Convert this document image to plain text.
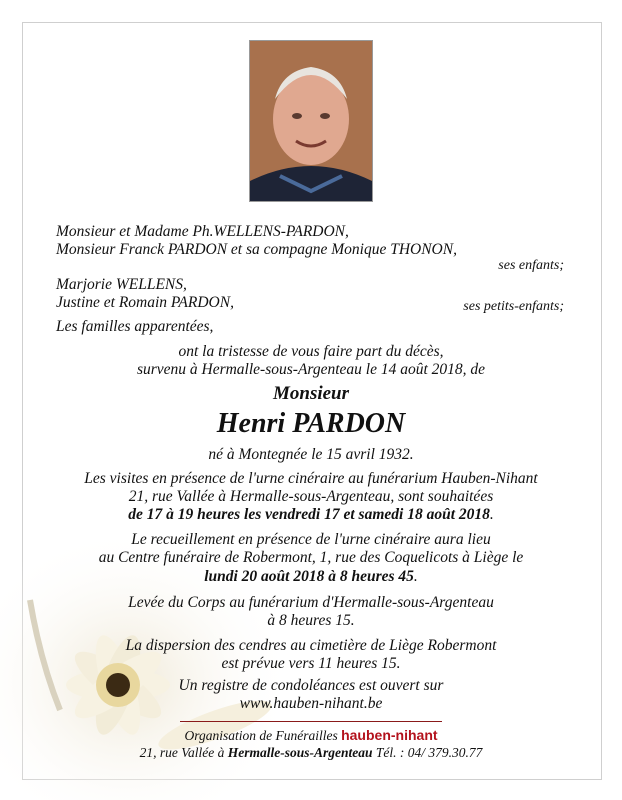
Monsieur et Madame Ph.WELLENS-PARDON,
Monsieur Franck PARDON et sa compagne Monique THONON,
ses enfants;
Marjorie WELLENS,
Justine et Romain PARDON,	ses petits-enfants;
Les familles apparentées,
ont la tristesse de vous faire part du décès,
survenu à Hermalle-sous-Argenteau le 14 août 2018, de
Monsieur
Henri PARDON
né à Montegnée le 15 avril 1932.
Les visites en présence de l'urne cinéraire au funérarium Hauben-Nihant
21, rue Vallée à Hermalle-sous-Argenteau, sont souhaitées
de 17 à 19 heures les vendredi 17 et samedi 18 août 2018.
Le recueillement en présence de l'urne cinéraire aura lieu
au Centre funéraire de Robermont, 1, rue des Coquelicots à Liège le
lundi 20 août 2018 à 8 heures 45.
Levée du Corps au funérarium d'Hermalle-sous-Argenteau
à 8 heures 15.
La dispersion des cendres au cimetière de Liège Robermont
est prévue vers 11 heures 15.
Un registre de condoléances est ouvert sur
www.hauben-nihant.be
Organisation de Funérailles hauben-nihant
21, rue Vallée à Hermalle-sous-Argenteau Tél. : 04/ 379.30.77
